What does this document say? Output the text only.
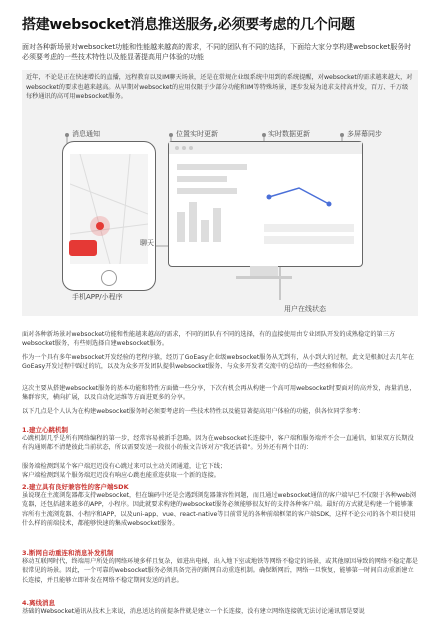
搭建websocket消息推送服务,必须要考虑的几个问题
面对各种新场景对websocket功能和性能越来越高的需求，不同的团队有不同的选择，下面给大家分享构建websocket服务时必须要考虑的一些技术特性以及能显著提高用户体验的功能
近年，不论是正在快速增长的直播，远程教育以及IM聊天场景，还是在常规企业级系统中用到的系统提醒，对websocket的需求越来越大，对websocket的要求也越来越高。从早期对websocket的应用仅限于少部分功能和IM等特殊场景，逐步发展为追求支持高并发，百万、千万级每秒通讯的高可用websocket服务。
消息通知	位置实时更新	实时数据更新	多屏幕同步
聊天
手机APP/小程序
用户在线状态
面对各种新场景对websocket功能和性能越来越高的需求，不同的团队有不同的选择，有的直接使用由专业团队开发的成熟稳定的第三方websocket服务，有些则选择自建websocket服务。
作为一个具有多年websocket开发经验的老程序猿，经历了GoEasy企业级websocket服务从无到有，从小到大的过程，此文是根据过去几年在GoEasy开发过程中踩过的坑，以及为众多开发团队提供websocket服务、与众多开发者交流中的总结的一些经验和体会。
这次主要从搭建websocket服务的基本功能和特性方面做一些分享，下次有机会再从构建一个高可用websocket时要面对的高并发，海量消息，集群容灾，横向扩展，以及自动化运维等方面进更多的分享。
以下几点是个人认为在构建websocket服务时必须要考虑的一些技术特性以及能显著提高用户体验的功能，供各位同学参考：
1.建立心跳机制
心跳机制几乎是所有网络编程的第一步，经常容易被新手忽略。因为在websocket长连接中，客户端和服务端并不会一直通信，如果双方长期没有沟通则都不清楚彼此当前状态，所以需要发送一段很小的报文告诉对方"我还活着"。另外还有两个目的：
服务端检测到某个客户端迟迟没有心跳过来可以主动关闭通道，让它下线；
客户端检测到某个服务端迟迟没有响应心跳也能重连获取一个新的连接。
2.建立具有良好兼容性的客户端SDK
虽说现在主流浏览器都支持websocket，但在编码中还是会遇到浏览器兼容性问题，而且通过websocket通信的客户端早已不仅限于各种web浏览器，还包括越来越多的APP，小程序。因此就要求构建的websocket服务必须能够很友好的支持各种客户端。最好的方式就是构建一个能够兼容所有主流浏览器、小程序和APP，以及uni-app、vue、react-native等目前常见的各种前端框架的客户端SDK，这样不论公司的各个项目使用什么样的前端技术，都能够快速的集成websocket服务。
3.断网自动重连和消息补发机制
移动互联网时代，终端用户所处的网络环境多样且复杂，如进出电梯，出入地下室或地铁等网络不稳定的场景，或其他原因导致的网络不稳定都是很常见的场景。因此，一个可靠的websocket服务必须具备完善的断网自动重连机制。确保断网后，网络一旦恢复，能够第一时间自动重新建立长连接，并且能够立即补发在网络不稳定期间发送的消息。
4.离线消息
基础的Websocket通讯从技术上来说，消息送达的前提条件就是建立一个长连接，没有建立网络连接就无法讨论通讯那是要说
